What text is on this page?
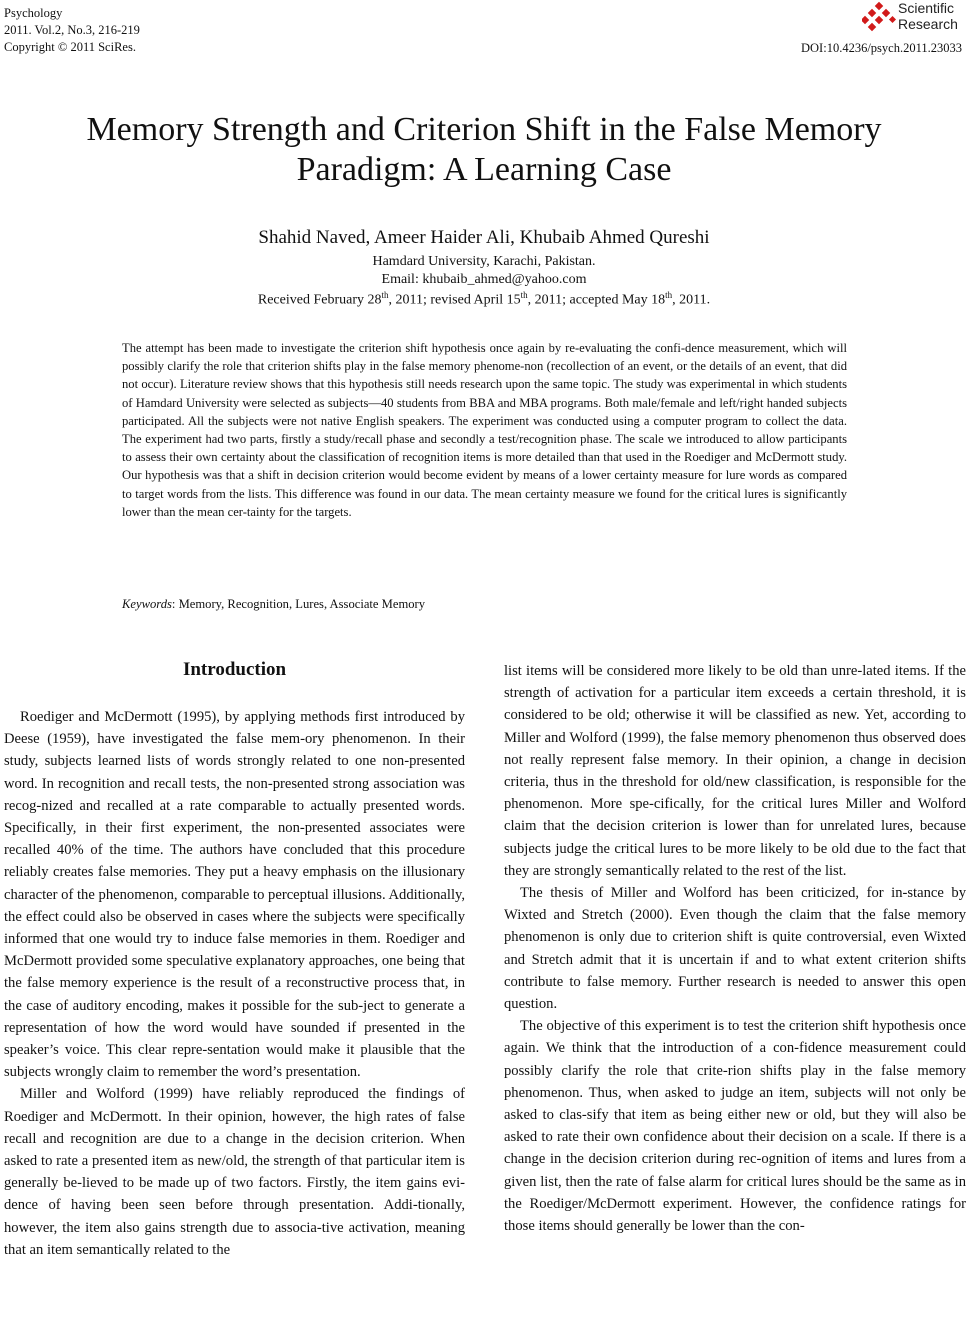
Psychology
2011. Vol.2, No.3, 216-219
Copyright © 2011 SciRes.
Scientific
Research
DOI:10.4236/psych.2011.23033
Memory Strength and Criterion Shift in the False Memory
Paradigm: A Learning Case
Shahid Naved, Ameer Haider Ali, Khubaib Ahmed Qureshi
Hamdard University, Karachi, Pakistan.
Email: khubaib_ahmed@yahoo.com
Received February 28th, 2011; revised April 15th, 2011; accepted May 18th, 2011.
The attempt has been made to investigate the criterion shift hypothesis once again by re-evaluating the confi-dence measurement, which will possibly clarify the role that criterion shifts play in the false memory phenome-non (recollection of an event, or the details of an event, that did not occur). Literature review shows that this hypothesis still needs research upon the same topic. The study was experimental in which students of Hamdard University were selected as subjects—40 students from BBA and MBA programs. Both male/female and left/right handed subjects participated. All the subjects were not native English speakers. The experiment was conducted using a computer program to collect the data. The experiment had two parts, firstly a study/recall phase and secondly a test/recognition phase. The scale we introduced to allow participants to assess their own certainty about the classification of recognition items is more detailed than that used in the Roediger and McDermott study. Our hypothesis was that a shift in decision criterion would become evident by means of a lower certainty measure for lure words as compared to target words from the lists. This difference was found in our data. The mean certainty measure we found for the critical lures is significantly lower than the mean cer-tainty for the targets.
Keywords: Memory, Recognition, Lures, Associate Memory
Introduction

Roediger and McDermott (1995), by applying methods first introduced by Deese (1959), have investigated the false mem-ory phenomenon. In their study, subjects learned lists of words strongly related to one non-presented word. In recognition and recall tests, the non-presented strong association was recog-nized and recalled at a rate comparable to actually presented words. Specifically, in their first experiment, the non-presented associates were recalled 40% of the time. The authors have concluded that this procedure reliably creates false memories. They put a heavy emphasis on the illusionary character of the phenomenon, comparable to perceptual illusions. Additionally, the effect could also be observed in cases where the subjects were specifically informed that one would try to induce false memories in them. Roediger and McDermott provided some speculative explanatory approaches, one being that the false memory experience is the result of a reconstructive process that, in the case of auditory encoding, makes it possible for the sub-ject to generate a representation of how the word would have sounded if presented in the speaker’s voice. This clear repre-sentation would make it plausible that the subjects wrongly claim to remember the word’s presentation.

Miller and Wolford (1999) have reliably reproduced the findings of Roediger and McDermott. In their opinion, however, the high rates of false recall and recognition are due to a change in the decision criterion. When asked to rate a presented item as new/old, the strength of that particular item is generally be-lieved to be made up of two factors. Firstly, the item gains evi-dence of having been seen before through presentation. Addi-tionally, however, the item also gains strength due to associa-tive activation, meaning that an item semantically related to the

list items will be considered more likely to be old than unre-lated items. If the strength of activation for a particular item exceeds a certain threshold, it is considered to be old; otherwise it will be classified as new. Yet, according to Miller and Wolford (1999), the false memory phenomenon thus observed does not really represent false memory. In their opinion, a change in decision criteria, thus in the threshold for old/new classification, is responsible for the phenomenon. More spe-cifically, for the critical lures Miller and Wolford claim that the decision criterion is lower than for unrelated lures, because subjects judge the critical lures to be more likely to be old due to the fact that they are strongly semantically related to the rest of the list.

The thesis of Miller and Wolford has been criticized, for in-stance by Wixted and Stretch (2000). Even though the claim that the false memory phenomenon is only due to criterion shift is quite controversial, even Wixted and Stretch admit that it is uncertain if and to what extent criterion shifts contribute to false memory. Further research is needed to answer this open question.

The objective of this experiment is to test the criterion shift hypothesis once again. We think that the introduction of a con-fidence measurement could possibly clarify the role that crite-rion shifts play in the false memory phenomenon. Thus, when asked to judge an item, subjects will not only be asked to clas-sify that item as being either new or old, but they will also be asked to rate their own confidence about their decision on a scale. If there is a change in the decision criterion during rec-ognition of items and lures from a given list, then the rate of false alarm for critical lures should be the same as in the Roediger/McDermott experiment. However, the confidence ratings for those items should generally be lower than the con-
